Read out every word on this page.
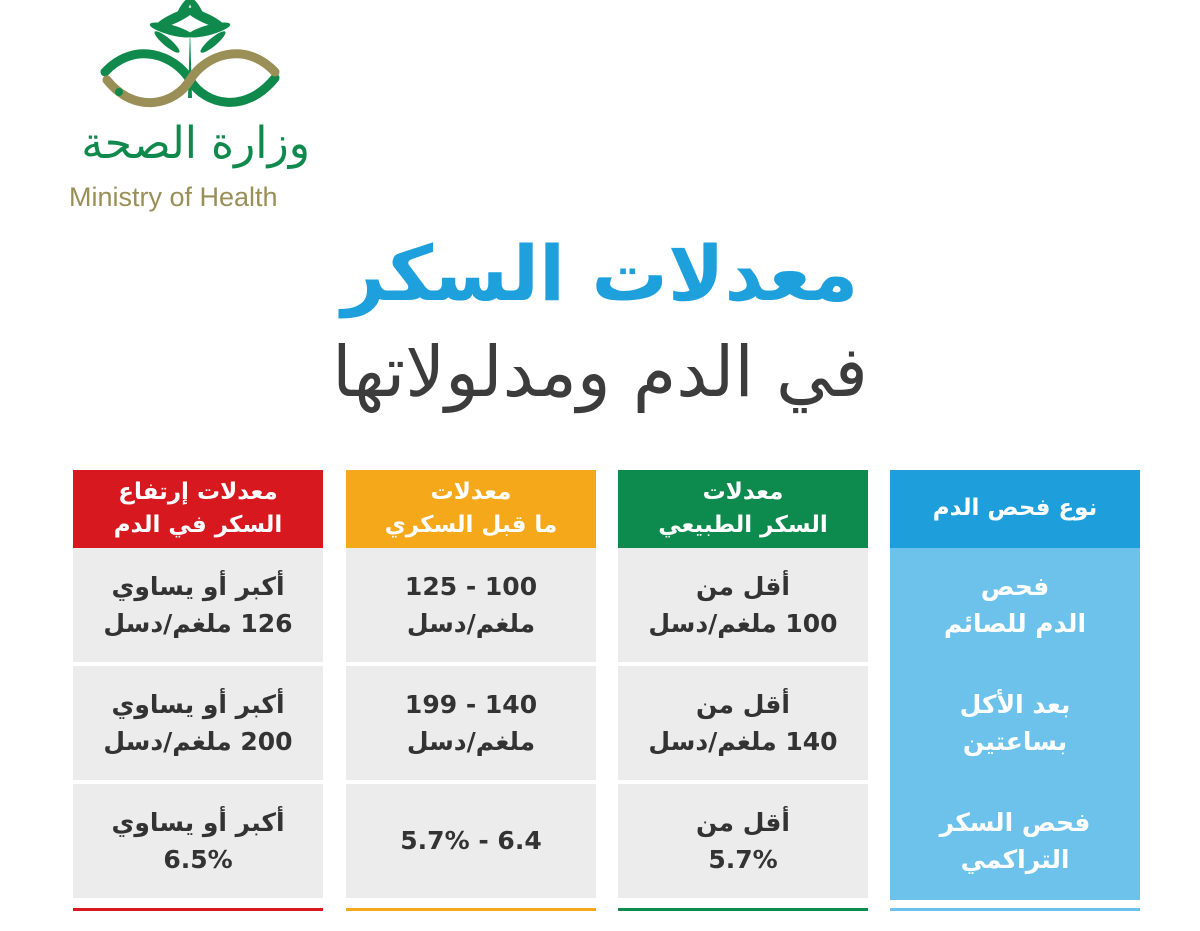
وزارة الصحة
Ministry of Health
معدلات السكر
في الدم ومدلولاتها
نوع فحص الدم
فحص
الدم للصائم
بعد الأكل
بساعتين
فحص السكر
التراكمي
معدلات
السكر الطبيعي
أقل من
100 ملغم/دسل
أقل من
140 ملغم/دسل
أقل من
5.7%
معدلات
ما قبل السكري
100 - 125
ملغم/دسل
140 - 199
ملغم/دسل
6.4 - 5.7%
معدلات إرتفاع
السكر في الدم
أكبر أو يساوي
126 ملغم/دسل
أكبر أو يساوي
200 ملغم/دسل
أكبر أو يساوي
6.5%
